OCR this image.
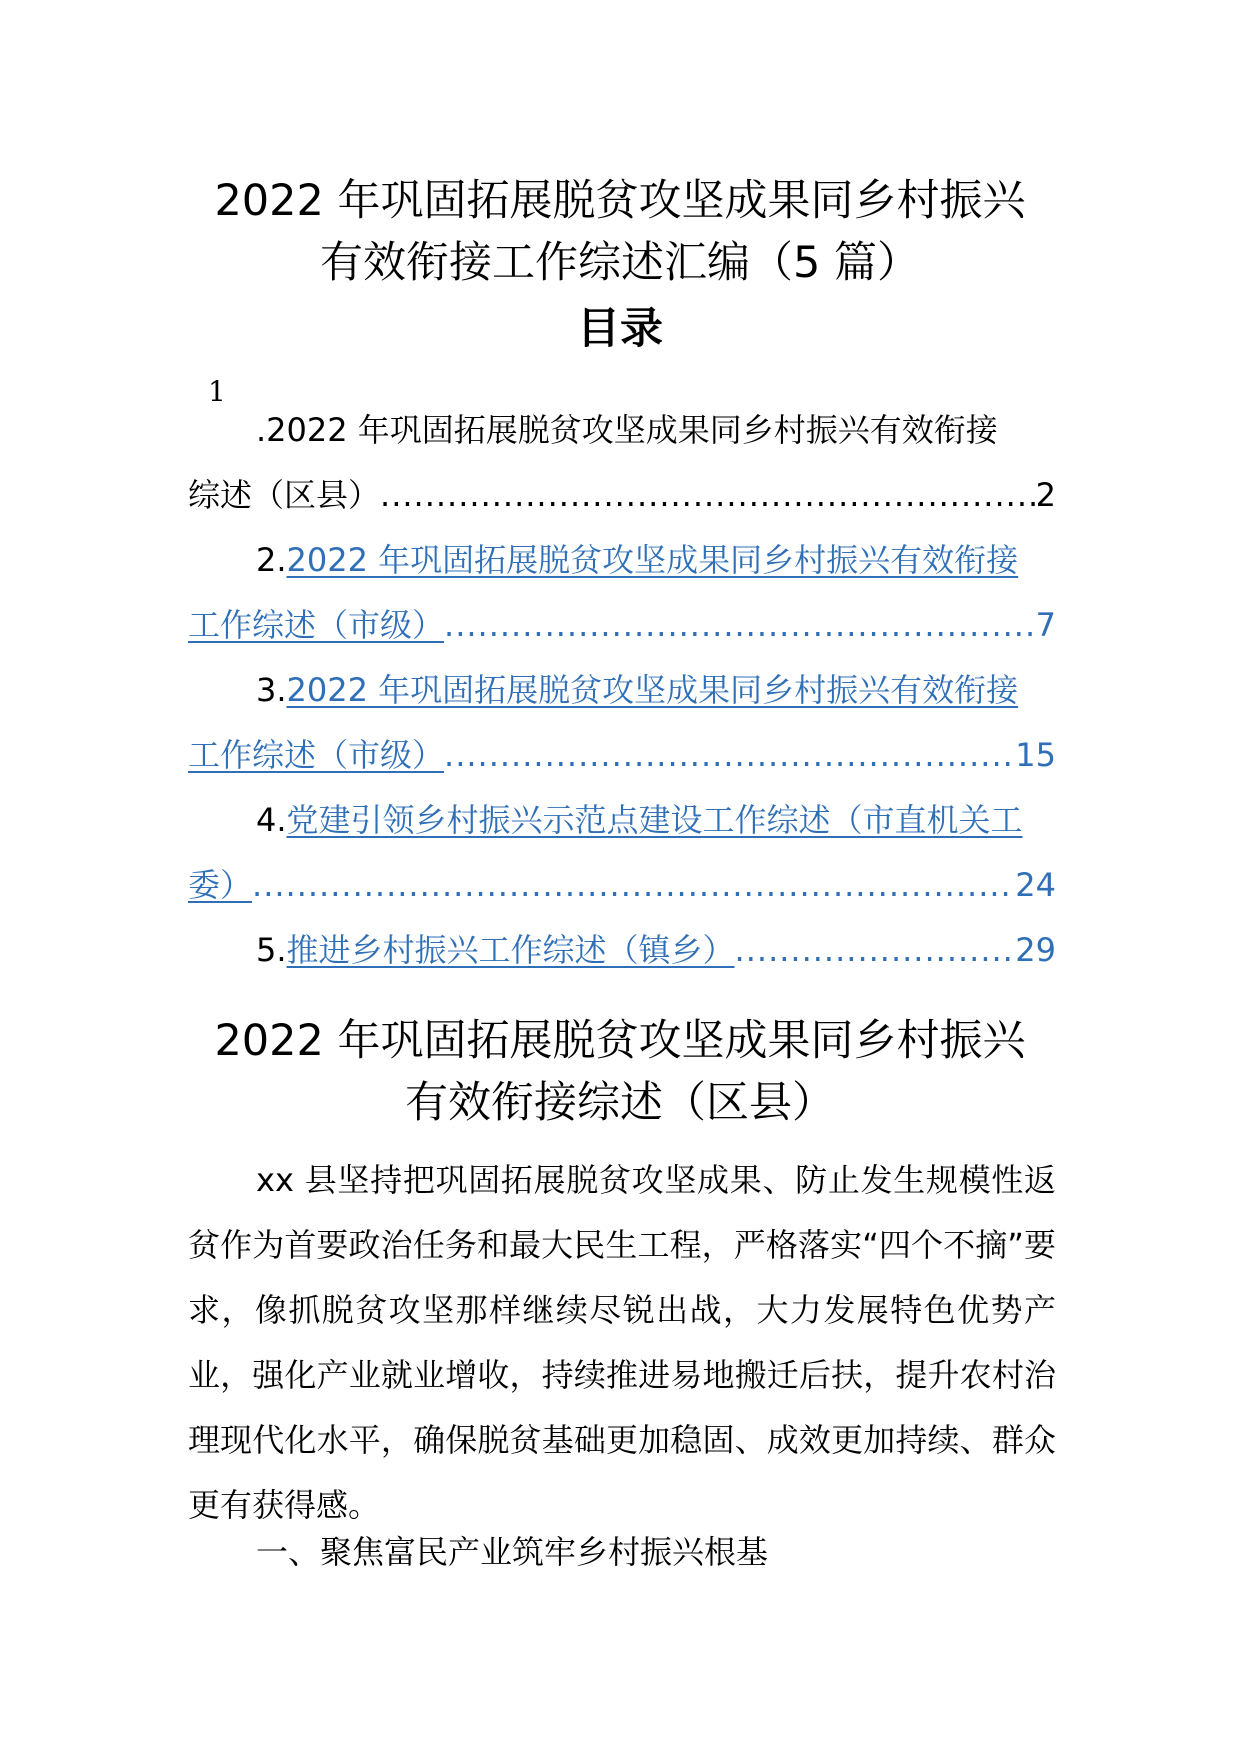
2022 年巩固拓展脱贫攻坚成果同乡村振兴
有效衔接工作综述汇编（5 篇）
目录
1
.2022 年巩固拓展脱贫攻坚成果同乡村振兴有效衔接
综述（区县） .....	2
2.2022 年巩固拓展脱贫攻坚成果同乡村振兴有效衔接
工作综述（市级） .....	7
3.2022 年巩固拓展脱贫攻坚成果同乡村振兴有效衔接
工作综述（市级） .....	15
4.党建引领乡村振兴示范点建设工作综述（市直机关工
委） .....	24
5. 推进乡村振兴工作综述（镇乡） .....	29
2022 年巩固拓展脱贫攻坚成果同乡村振兴
有效衔接综述（区县）

xx 县坚持把巩固拓展脱贫攻坚成果、防止发生规模性返贫作为首要政治任务和最大民生工程，严格落实“四个不摘”要求，像抓脱贫攻坚那样继续尽锐出战，大力发展特色优势产业，强化产业就业增收，持续推进易地搬迁后扶，提升农村治理现代化水平，确保脱贫基础更加稳固、成效更加持续、群众更有获得感。

一、聚焦富民产业筑牢乡村振兴根基
